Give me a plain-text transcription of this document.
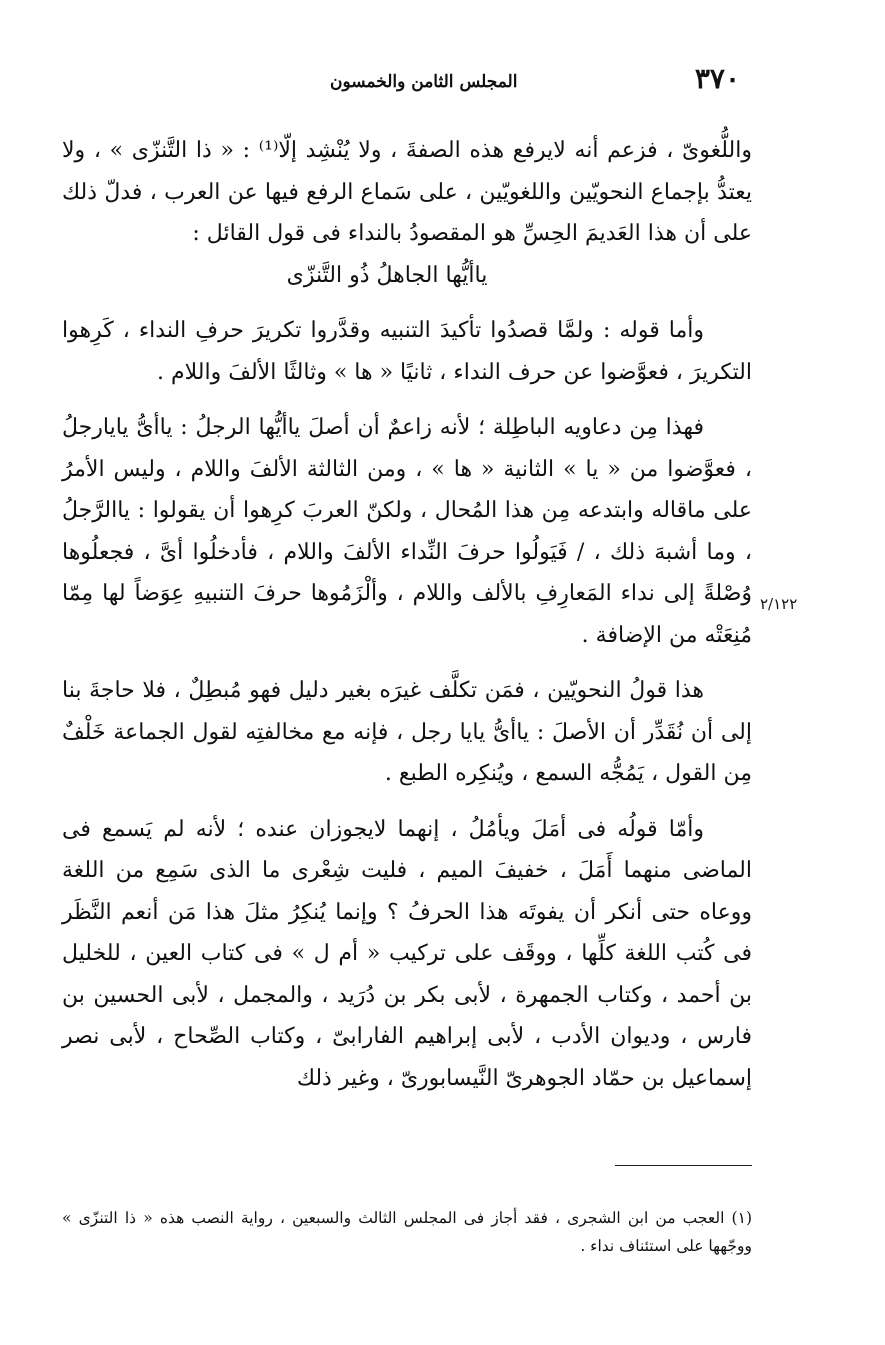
٣٧٠
المجلس الثامن والخمسون

واللُّغوىّ ، فزعم أنه لايرفع هذه الصفةَ ، ولا يُنْشِد إلّا⁽¹⁾ : « ذا التَّنزّى » ، ولا يعتدُّ بإجماع النحويّين واللغويّين ، على سَماع الرفع فيها عن العرب ، فدلّ ذلك على أن هذا العَديمَ الحِسِّ هو المقصودُ بالنداء فى قول القائل :

ياأيُّها الجاهلُ ذُو التَّنزّى

وأما قوله : ولمَّا قصدُوا تأكيدَ التنبيه وقدَّروا تكريرَ حرفِ النداء ، كَرِهوا التكريرَ ، فعوَّضوا عن حرف النداء ، ثانيًا « ها » وثالثًا الألفَ واللام .

فهذا مِن دعاويه الباطِلة ؛ لأنه زاعمٌ أن أصلَ ياأيُّها الرجلُ : ياأىُّ يايارجلُ ، فعوَّضوا من « يا » الثانية « ها » ، ومن الثالثة الألفَ واللام ، وليس الأمرُ على ماقاله وابتدعه مِن هذا المُحال ، ولكنّ العربَ كرِهوا أن يقولوا : ياالرَّجلُ ، وما أشبهَ ذلك ، / فَيَولُوا حرفَ النِّداء الألفَ واللام ، فأدخلُوا أىَّ ، فجعلُوها وُصْلةً إلى نداء المَعارِفِ بالألف واللام ، وألْزَمُوها حرفَ التنبيهِ عِوَضاً لها مِمّا مُنِعَتْه من الإضافة .

هذا قولُ النحويّين ، فمَن تكلَّف غيرَه بغير دليل فهو مُبطِلٌ ، فلا حاجةَ بنا إلى أن نُقَدِّر أن الأصلَ : ياأىُّ يايا رجل ، فإنه مع مخالفتِه لقول الجماعة خَلْفٌ مِن القول ، يَمُجُّه السمع ، ويُنكِره الطبع .

وأمّا قولُه فى أمَلَ ويأمُلُ ، إنهما لايجوزان عنده ؛ لأنه لم يَسمع فى الماضى منهما أَمَلَ ، خفيفَ الميم ، فليت شِعْرى ما الذى سَمِع من اللغة ووعاه حتى أنكر أن يفوتَه هذا الحرفُ ؟ وإنما يُنكِرُ مثلَ هذا مَن أنعم النَّظَر فى كُتب اللغة كلِّها ، ووقَف على تركيب « أم ل » فى كتاب العين ، للخليل بن أحمد ، وكتاب الجمهرة ، لأبى بكر بن دُرَيد ، والمجمل ، لأبى الحسين بن فارس ، وديوان الأدب ، لأبى إبراهيم الفارابىّ ، وكتاب الصِّحاح ، لأبى نصر إسماعيل بن حمّاد الجوهرىّ النَّيسابورىّ ، وغير ذلك

٢/١٢٢

(١) العجب من ابن الشجرى ، فقد أجاز فى المجلس الثالث والسبعين ، رواية النصب هذه « ذا التنزّى » ووجّهها على استئناف نداء .
